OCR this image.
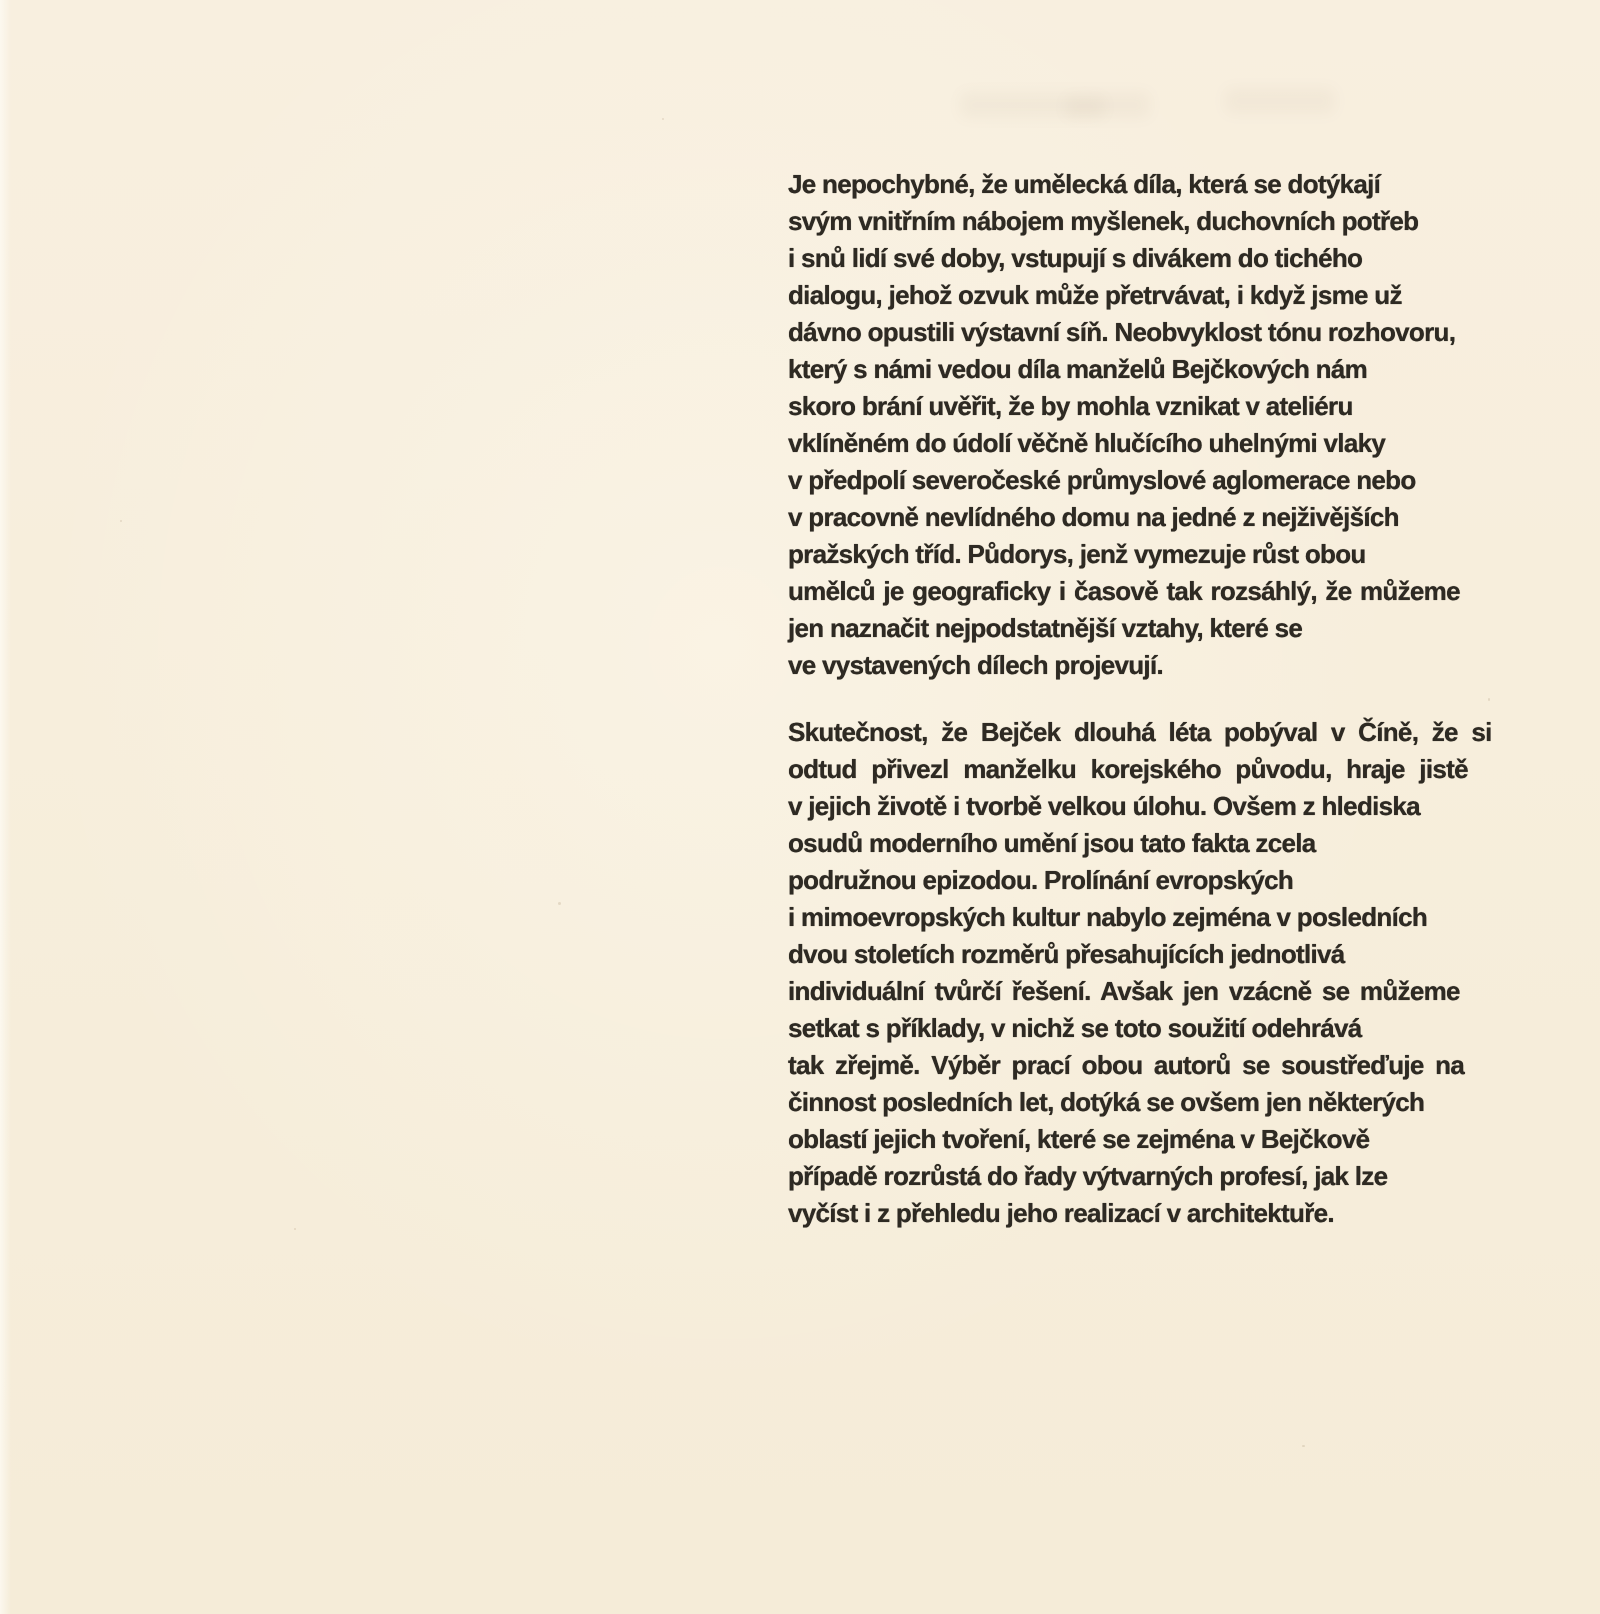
Je nepochybné, že umělecká díla, která se dotýkají
svým vnitřním nábojem myšlenek, duchovních potřeb
i snů lidí své doby, vstupují s divákem do tichého
dialogu, jehož ozvuk může přetrvávat, i když jsme už
dávno opustili výstavní síň. Neobvyklost tónu rozhovoru,
který s námi vedou díla manželů Bejčkových nám
skoro brání uvěřit, že by mohla vznikat v ateliéru
vklíněném do údolí věčně hlučícího uhelnými vlaky
v předpolí severočeské průmyslové aglomerace nebo
v pracovně nevlídného domu na jedné z nejživějších
pražských tříd. Půdorys, jenž vymezuje růst obou
umělců je geograficky i časově tak rozsáhlý, že můžeme
jen naznačit nejpodstatnější vztahy, které se
ve vystavených dílech projevují.
Skutečnost, že Bejček dlouhá léta pobýval v Číně, že si
odtud přivezl manželku korejského původu, hraje jistě
v jejich životě i tvorbě velkou úlohu. Ovšem z hlediska
osudů moderního umění jsou tato fakta zcela
podružnou epizodou. Prolínání evropských
i mimoevropských kultur nabylo zejména v posledních
dvou stoletích rozměrů přesahujících jednotlivá
individuální tvůrčí řešení. Avšak jen vzácně se můžeme
setkat s příklady, v nichž se toto soužití odehrává
tak zřejmě. Výběr prací obou autorů se soustřeďuje na
činnost posledních let, dotýká se ovšem jen některých
oblastí jejich tvoření, které se zejména v Bejčkově
případě rozrůstá do řady výtvarných profesí, jak lze
vyčíst i z přehledu jeho realizací v architektuře.
